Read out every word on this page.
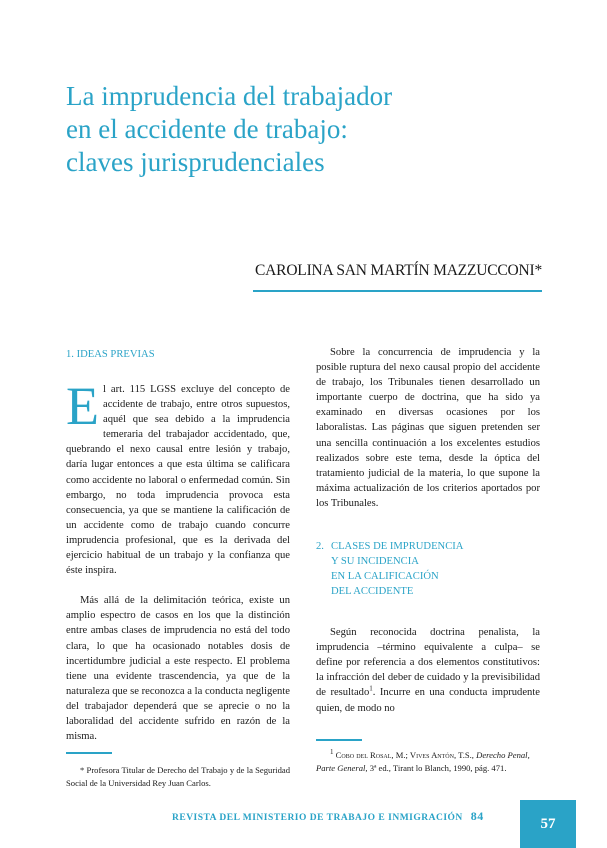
La imprudencia del trabajador
en el accidente de trabajo:
claves jurisprudenciales
CAROLINA SAN MARTÍN MAZZUCCONI*
1. IDEAS PREVIAS

El art. 115 LGSS excluye del concepto de accidente de trabajo, entre otros supuestos, aquél que sea debido a la imprudencia temeraria del trabajador accidentado, que, quebrando el nexo causal entre lesión y trabajo, daría lugar entonces a que esta última se calificara como accidente no laboral o enfermedad común. Sin embargo, no toda imprudencia provoca esta consecuencia, ya que se mantiene la calificación de un accidente como de trabajo cuando concurre imprudencia profesional, que es la derivada del ejercicio habitual de un trabajo y la confianza que éste inspira.

Más allá de la delimitación teórica, existe un amplio espectro de casos en los que la distinción entre ambas clases de imprudencia no está del todo clara, lo que ha ocasionado notables dosis de incertidumbre judicial a este respecto. El problema tiene una evidente trascendencia, ya que de la naturaleza que se reconozca a la conducta negligente del trabajador dependerá que se aprecie o no la laboralidad del accidente sufrido en razón de la misma.

Sobre la concurrencia de imprudencia y la posible ruptura del nexo causal propio del accidente de trabajo, los Tribunales tienen desarrollado un importante cuerpo de doctrina, que ha sido ya examinado en diversas ocasiones por los laboralistas. Las páginas que siguen pretenden ser una sencilla continuación a los excelentes estudios realizados sobre este tema, desde la óptica del tratamiento judicial de la materia, lo que supone la máxima actualización de los criterios aportados por los Tribunales.

2. CLASES DE IMPRUDENCIA
Y SU INCIDENCIA
EN LA CALIFICACIÓN
DEL ACCIDENTE

Según reconocida doctrina penalista, la imprudencia –término equivalente a culpa– se define por referencia a dos elementos constitutivos: la infracción del deber de cuidado y la previsibilidad de resultado$^1$. Incurre en una conducta imprudente quien, de modo no

* Profesora Titular de Derecho del Trabajo y de la Seguridad Social de la Universidad Rey Juan Carlos.
$^1$ Cobo del Rosal, M.; Vives Antón, T.S., Derecho Penal, Parte General, 3ª ed., Tirant lo Blanch, 1990, pág. 471.
REVISTA DEL MINISTERIO DE TRABAJO E INMIGRACIÓN 84	57
